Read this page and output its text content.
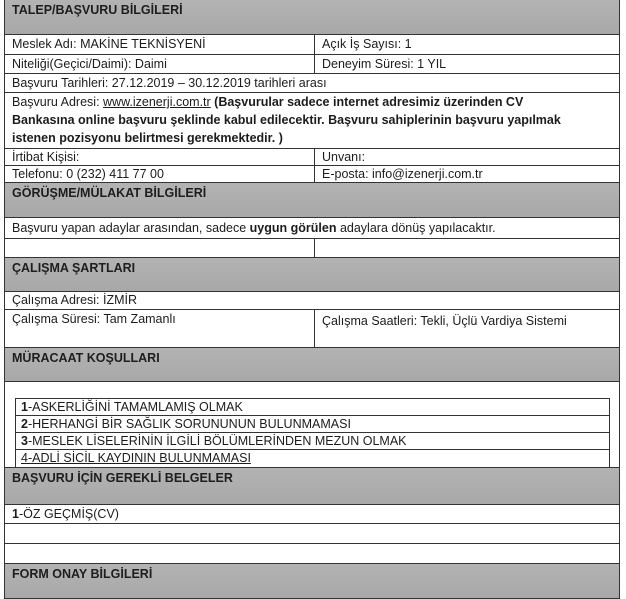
TALEP/BAŞVURU BİLGİLERİ
Meslek Adı: MAKİNE TEKNİSYENİ	Açık İş Sayısı: 1
Niteliği(Geçici/Daimi): Daimi	Deneyim Süresi: 1 YIL
Başvuru Tarihleri: 27.12.2019 – 30.12.2019 tarihleri arası
Başvuru Adresi: www.izenerji.com.tr (Başvurular sadece internet adresimiz üzerinden CV Bankasına online başvuru şeklinde kabul edilecektir. Başvuru sahiplerinin başvuru yapılmak istenen pozisyonu belirtmesi gerekmektedir. )
İrtibat Kişisi:	Unvanı:
Telefonu: 0 (232) 411 77 00	E-posta: info@izenerji.com.tr
GÖRÜŞME/MÜLAKAT BİLGİLERİ
Başvuru yapan adaylar arasından, sadece uygun görülen adaylara dönüş yapılacaktır.
ÇALIŞMA ŞARTLARI
Çalışma Adresi: İZMİR
Çalışma Süresi: Tam Zamanlı	Çalışma Saatleri: Tekli, Üçlü Vardiya Sistemi
MÜRACAAT KOŞULLARI
1-ASKERLİĞİNİ TAMAMLAMIŞ OLMAK
2-HERHANGİ BİR SAĞLIK SORUNUNUN BULUNMAMASI
3-MESLEK LİSELERİNİN İLGİLİ BÖLÜMLERİNDEN MEZUN OLMAK
4-ADLİ SİCİL KAYDININ BULUNMAMASI
BAŞVURU İÇİN GEREKLİ BELGELER
1-ÖZ GEÇMİŞ(CV)
FORM ONAY BİLGİLERİ
